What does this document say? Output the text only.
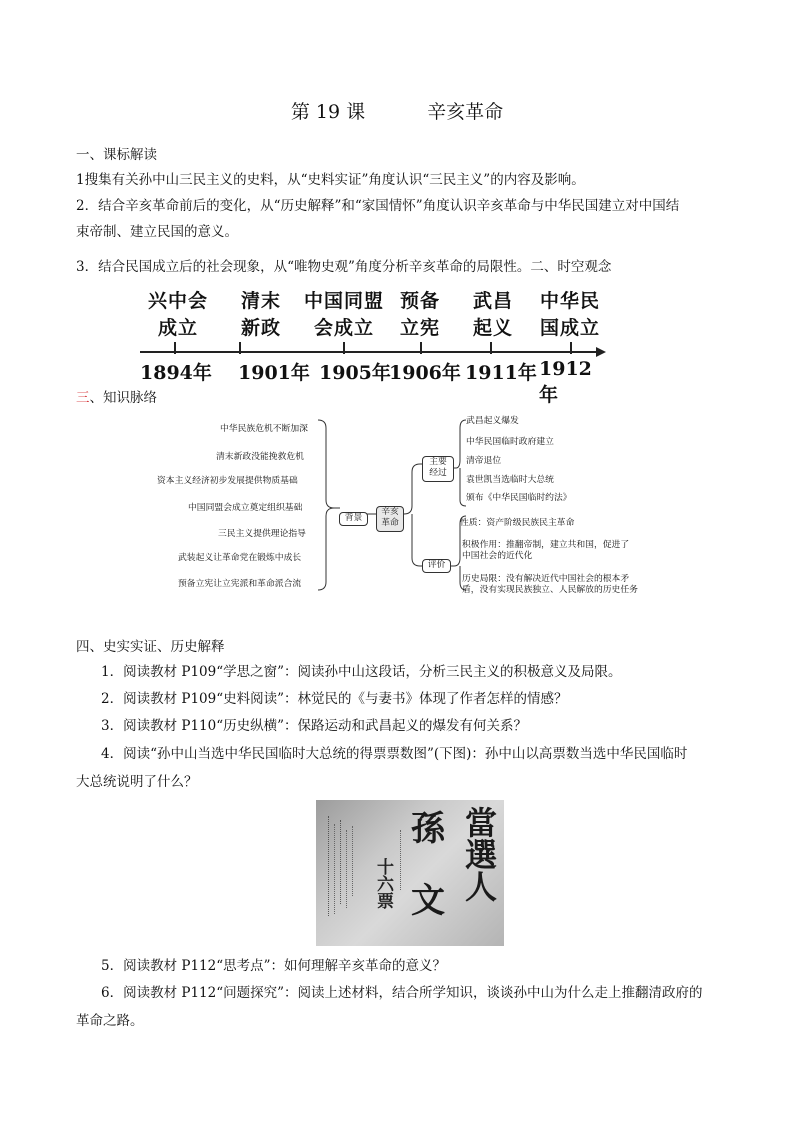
第 19 课	辛亥革命
一、课标解读
1搜集有关孙中山三民主义的史料，从“史料实证”角度认识“三民主义”的内容及影响。
2．结合辛亥革命前后的变化，从“历史解释”和“家国情怀”角度认识辛亥革命与中华民国建立对中国结
束帝制、建立民国的意义。
3．结合民国成立后的社会现象，从“唯物史观”角度分析辛亥革命的局限性。二、时空观念
兴中会
成立
清末
新政
中国同盟
会成立
预备
立宪
武昌
起义
中华民
国成立
1894年 1901年 1905年
1906年 1911年 1912年
三、知识脉络
中华民族危机不断加深
清末新政没能挽救危机
资本主义经济初步发展提供物质基础
中国同盟会成立奠定组织基础
三民主义提供理论指导
武装起义让革命党在锻炼中成长
预备立宪让立宪派和革命派合流
背景
辛亥
革命
主要
经过
评价
武昌起义爆发
中华民国临时政府建立
清帝退位
袁世凯当选临时大总统
颁布《中华民国临时约法》
性质：资产阶级民族民主革命
积极作用：推翻帝制，建立共和国，促进了
中国社会的近代化
历史局限：没有解决近代中国社会的根本矛
盾，没有实现民族独立、人民解放的历史任务
四、史实实证、历史解释
1．阅读教材 P109“学思之窗”：阅读孙中山这段话，分析三民主义的积极意义及局限。
2．阅读教材 P109“史料阅读”：林觉民的《与妻书》体现了作者怎样的情感？
3．阅读教材 P110“历史纵横”：保路运动和武昌起义的爆发有何关系？
4．阅读“孙中山当选中华民国临时大总统的得票票数图”(下图)：孙中山以高票数当选中华民国临时
大总统说明了什么？
當選人
孫
文
十六票
5．阅读教材 P112“思考点”：如何理解辛亥革命的意义？
6．阅读教材 P112“问题探究”：阅读上述材料，结合所学知识，谈谈孙中山为什么走上推翻清政府的
革命之路。
